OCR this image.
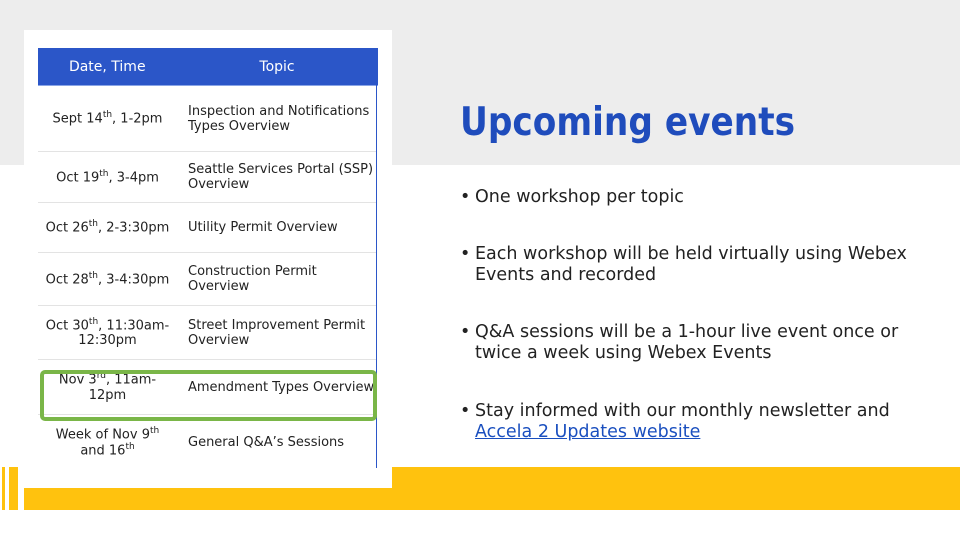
Date, Time	Topic
Sept 14th, 1-2pm	Inspection and Notifications Types Overview
Oct 19th, 3-4pm	Seattle Services Portal (SSP) Overview
Oct 26th, 2-3:30pm	Utility Permit Overview
Oct 28th, 3-4:30pm	Construction Permit Overview
Oct 30th, 11:30am-12:30pm	Street Improvement Permit Overview
Nov 3rd, 11am-12pm	Amendment Types Overview
Week of Nov 9th and 16th	General Q&A’s Sessions
Upcoming events
• One workshop per topic
• Each workshop will be held virtually using Webex Events and recorded
• Q&A sessions will be a 1-hour live event once or twice a week using Webex Events
• Stay informed with our monthly newsletter and Accela 2 Updates website
